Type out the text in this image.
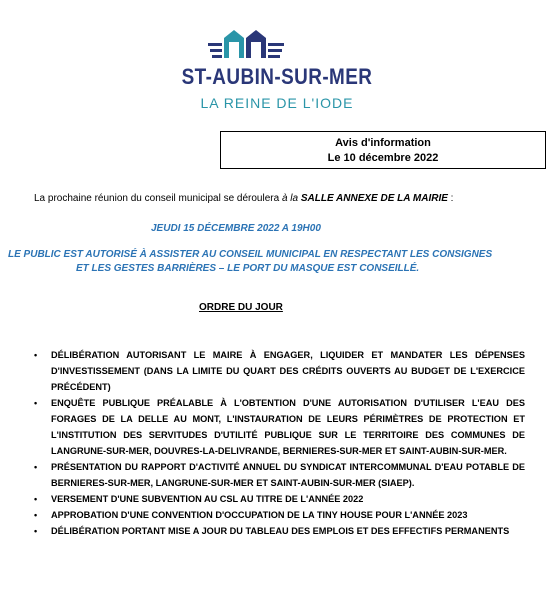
ST-AUBIN-SUR-MER
LA REINE DE L'IODE
Avis d'information
Le 10 décembre 2022
La prochaine réunion du conseil municipal se déroulera à la SALLE ANNEXE DE LA MAIRIE :
JEUDI 15 DÉCEMBRE 2022 A 19H00
LE PUBLIC EST AUTORISÉ À ASSISTER AU CONSEIL MUNICIPAL EN RESPECTANT LES CONSIGNES
ET LES GESTES BARRIÈRES – LE PORT DU MASQUE EST CONSEILLÉ.
ORDRE DU JOUR
• DÉLIBÉRATION AUTORISANT LE MAIRE À ENGAGER, LIQUIDER ET MANDATER LES DÉPENSES D'INVESTISSEMENT (DANS LA LIMITE DU QUART DES CRÉDITS OUVERTS AU BUDGET DE L'EXERCICE PRÉCÉDENT)
• ENQUÊTE PUBLIQUE PRÉALABLE À L'OBTENTION D'UNE AUTORISATION D'UTILISER L'EAU DES FORAGES DE LA DELLE AU MONT, L'INSTAURATION DE LEURS PÉRIMÈTRES DE PROTECTION ET L'INSTITUTION DES SERVITUDES D'UTILITÉ PUBLIQUE SUR LE TERRITOIRE DES COMMUNES DE LANGRUNE-SUR-MER, DOUVRES-LA-DELIVRANDE, BERNIERES-SUR-MER ET SAINT-AUBIN-SUR-MER.
• PRÉSENTATION DU RAPPORT D'ACTIVITÉ ANNUEL DU SYNDICAT INTERCOMMUNAL D'EAU POTABLE DE BERNIERES-SUR-MER, LANGRUNE-SUR-MER ET SAINT-AUBIN-SUR-MER (SIAEP).
• VERSEMENT D'UNE SUBVENTION AU CSL AU TITRE DE L'ANNÉE 2022
• APPROBATION D'UNE CONVENTION D'OCCUPATION DE LA TINY HOUSE POUR L'ANNÉE 2023
• DÉLIBÉRATION PORTANT MISE A JOUR DU TABLEAU DES EMPLOIS ET DES EFFECTIFS PERMANENTS
